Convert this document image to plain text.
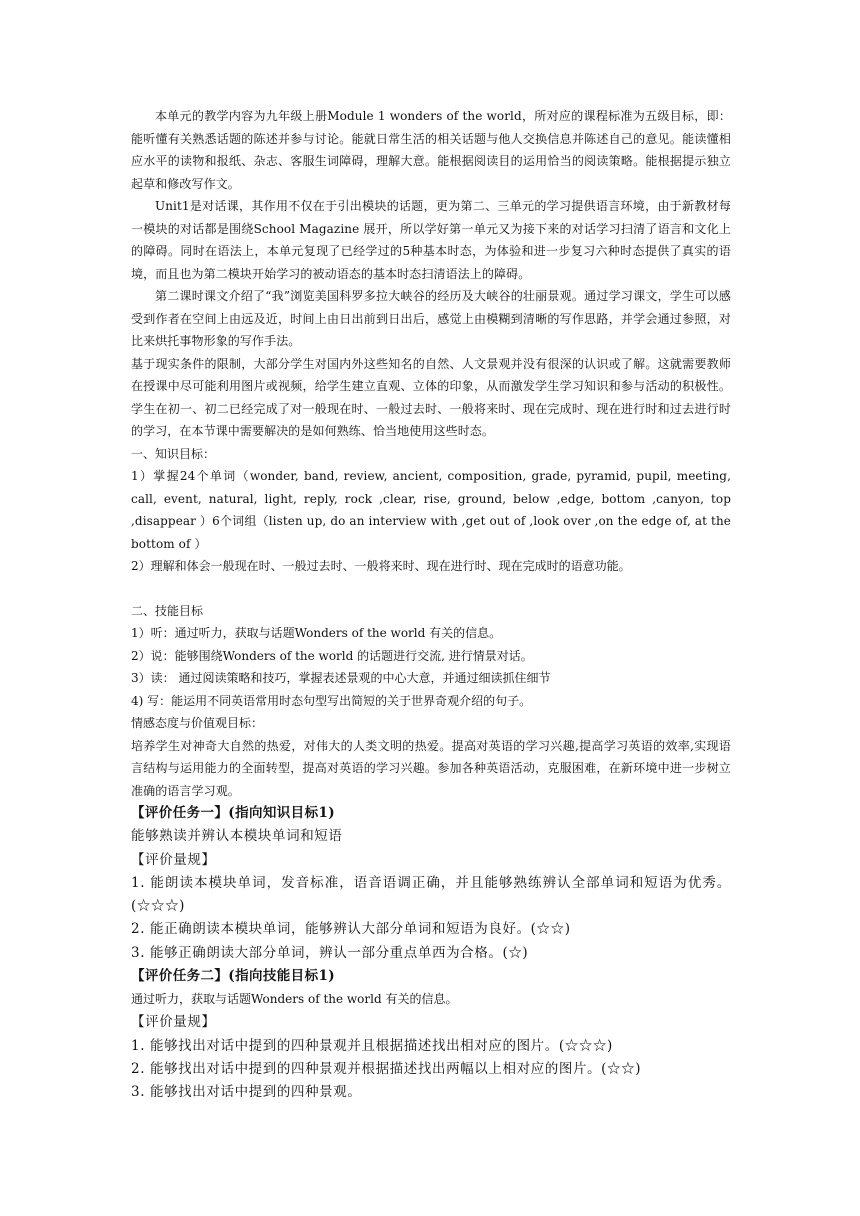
本单元的教学内容为九年级上册Module 1 wonders of the world，所对应的课程标准为五级目标，即：能听懂有关熟悉话题的陈述并参与讨论。能就日常生活的相关话题与他人交换信息并陈述自己的意见。能读懂相应水平的读物和报纸、杂志、客服生词障碍，理解大意。能根据阅读目的运用恰当的阅读策略。能根据提示独立起草和修改写作文。

Unit1是对话课，其作用不仅在于引出模块的话题，更为第二、三单元的学习提供语言环境，由于新教材每一模块的对话都是围绕School Magazine 展开，所以学好第一单元又为接下来的对话学习扫清了语言和文化上的障碍。同时在语法上，本单元复现了已经学过的5种基本时态，为体验和进一步复习六种时态提供了真实的语境，而且也为第二模块开始学习的被动语态的基本时态扫清语法上的障碍。

第二课时课文介绍了“我”浏览美国科罗多拉大峡谷的经历及大峡谷的壮丽景观。通过学习课文，学生可以感受到作者在空间上由远及近，时间上由日出前到日出后，感觉上由模糊到清晰的写作思路，并学会通过参照，对比来烘托事物形象的写作手法。

基于现实条件的限制，大部分学生对国内外这些知名的自然、人文景观并没有很深的认识或了解。这就需要教师在授课中尽可能利用图片或视频，给学生建立直观、立体的印象，从而激发学生学习知识和参与活动的积极性。学生在初一、初二已经完成了对一般现在时、一般过去时、一般将来时、现在完成时、现在进行时和过去进行时的学习，在本节课中需要解决的是如何熟练、恰当地使用这些时态。

一、知识目标：

1）掌握24个单词（wonder, band, review, ancient, composition, grade, pyramid, pupil, meeting, call, event, natural, light, reply, rock ,clear, rise, ground, below ,edge, bottom ,canyon, top ,disappear ）6个词组（listen up, do an interview with ,get out of ,look over ,on the edge of, at the bottom of ）

2）理解和体会一般现在时、一般过去时、一般将来时、现在进行时、现在完成时的语意功能。

二、技能目标

1）听：通过听力，获取与话题Wonders of the world 有关的信息。

2）说：能够围绕Wonders of the world 的话题进行交流, 进行情景对话。

3）读： 通过阅读策略和技巧，掌握表述景观的中心大意，并通过细读抓住细节

4) 写：能运用不同英语常用时态句型写出简短的关于世界奇观介绍的句子。

情感态度与价值观目标：

培养学生对神奇大自然的热爱，对伟大的人类文明的热爱。提高对英语的学习兴趣,提高学习英语的效率,实现语言结构与运用能力的全面转型，提高对英语的学习兴趣。参加各种英语活动，克服困难，在新环境中进一步树立准确的语言学习观。

【评价任务一】(指向知识目标1)

能够熟读并辨认本模块单词和短语

【评价量规】

1. 能朗读本模块单词，发音标准，语音语调正确，并且能够熟练辨认全部单词和短语为优秀。(☆☆☆)

2. 能正确朗读本模块单词，能够辨认大部分单词和短语为良好。(☆☆)

3. 能够正确朗读大部分单词，辨认一部分重点单西为合格。(☆)

【评价任务二】(指向技能目标1)

通过听力，获取与话题Wonders of the world 有关的信息。

【评价量规】

1. 能够找出对话中提到的四种景观并且根据描述找出相对应的图片。(☆☆☆)

2. 能够找出对话中提到的四种景观并根据描述找出两幅以上相对应的图片。(☆☆)

3. 能够找出对话中提到的四种景观。
